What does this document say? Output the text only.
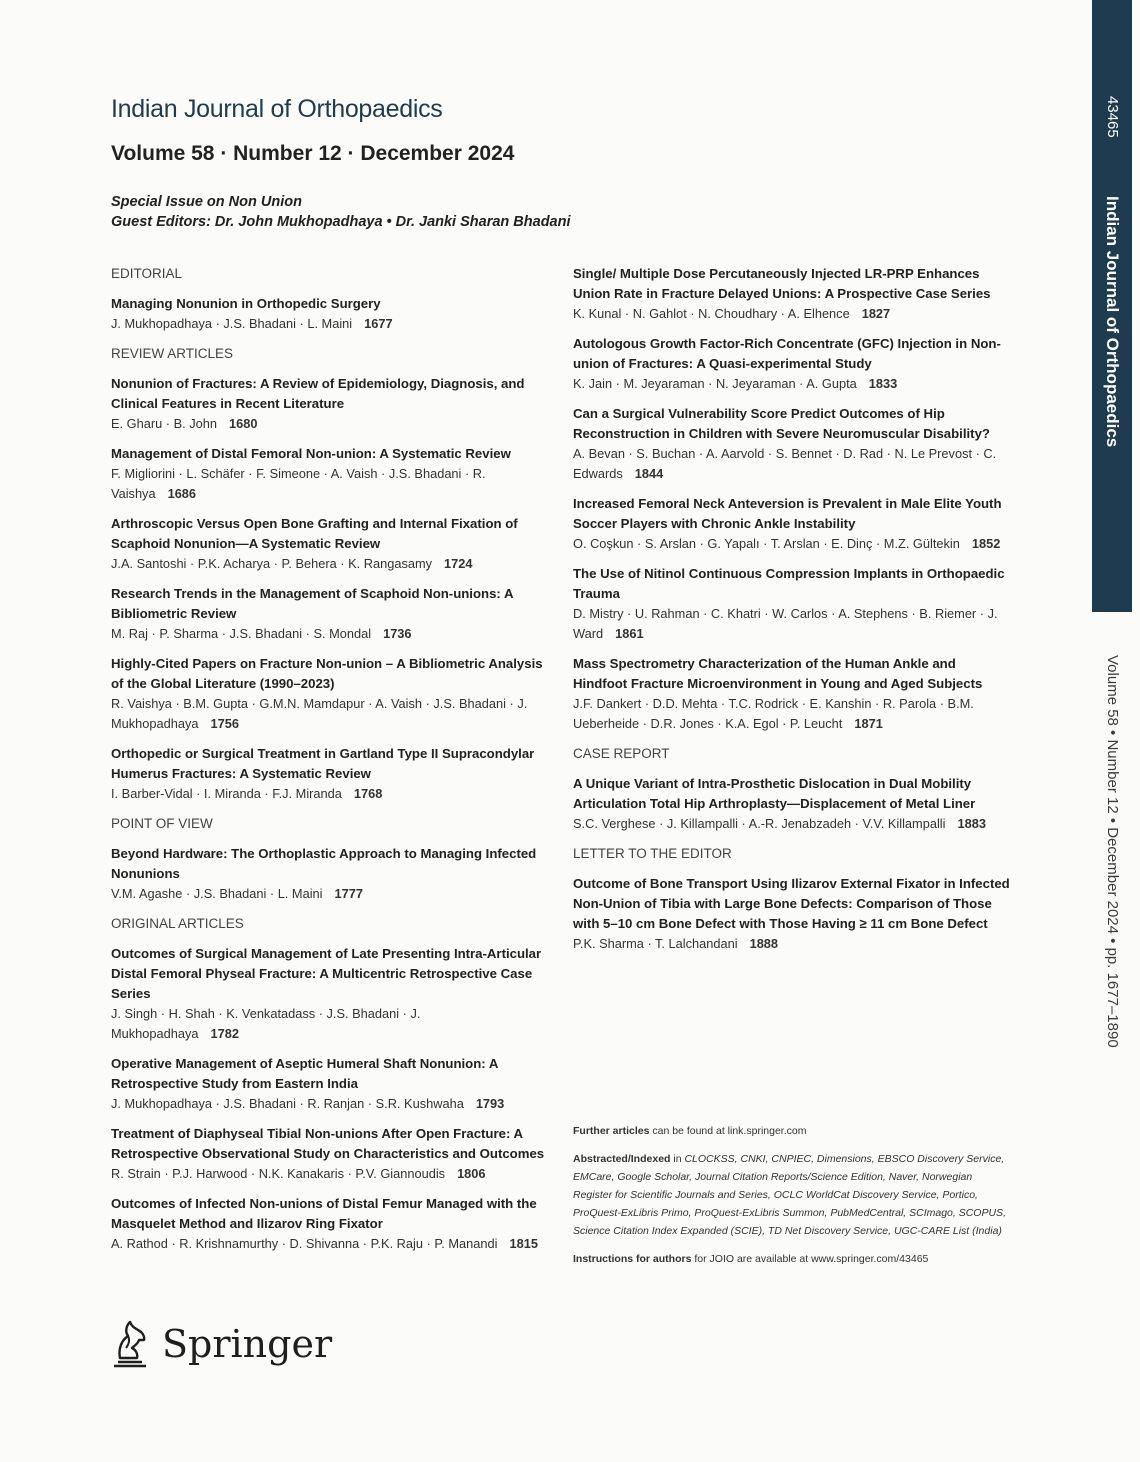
43465
Indian Journal of Orthopaedics
Volume 58 • Number 12 • December 2024 • pp. 1677–1890
Indian Journal of Orthopaedics
Volume 58 · Number 12 · December 2024
Special Issue on Non Union
Guest Editors: Dr. John Mukhopadhaya • Dr. Janki Sharan Bhadani
EDITORIAL
Managing Nonunion in Orthopedic Surgery
J. Mukhopadhaya · J.S. Bhadani · L. Maini 1677
REVIEW ARTICLES
Nonunion of Fractures: A Review of Epidemiology, Diagnosis, and Clinical Features in Recent Literature
E. Gharu · B. John 1680
Management of Distal Femoral Non-union: A Systematic Review
F. Migliorini · L. Schäfer · F. Simeone · A. Vaish · J.S. Bhadani · R. Vaishya 1686
Arthroscopic Versus Open Bone Grafting and Internal Fixation of Scaphoid Nonunion—A Systematic Review
J.A. Santoshi · P.K. Acharya · P. Behera · K. Rangasamy 1724
Research Trends in the Management of Scaphoid Non-unions: A Bibliometric Review
M. Raj · P. Sharma · J.S. Bhadani · S. Mondal 1736
Highly-Cited Papers on Fracture Non-union – A Bibliometric Analysis of the Global Literature (1990–2023)
R. Vaishya · B.M. Gupta · G.M.N. Mamdapur · A. Vaish · J.S. Bhadani · J. Mukhopadhaya 1756
Orthopedic or Surgical Treatment in Gartland Type II Supracondylar Humerus Fractures: A Systematic Review
I. Barber-Vidal · I. Miranda · F.J. Miranda 1768
POINT OF VIEW
Beyond Hardware: The Orthoplastic Approach to Managing Infected Nonunions
V.M. Agashe · J.S. Bhadani · L. Maini 1777
ORIGINAL ARTICLES
Outcomes of Surgical Management of Late Presenting Intra-Articular Distal Femoral Physeal Fracture: A Multicentric Retrospective Case Series
J. Singh · H. Shah · K. Venkatadass · J.S. Bhadani · J. Mukhopadhaya 1782
Operative Management of Aseptic Humeral Shaft Nonunion: A Retrospective Study from Eastern India
J. Mukhopadhaya · J.S. Bhadani · R. Ranjan · S.R. Kushwaha 1793
Treatment of Diaphyseal Tibial Non-unions After Open Fracture: A Retrospective Observational Study on Characteristics and Outcomes
R. Strain · P.J. Harwood · N.K. Kanakaris · P.V. Giannoudis 1806
Outcomes of Infected Non-unions of Distal Femur Managed with the Masquelet Method and Ilizarov Ring Fixator
A. Rathod · R. Krishnamurthy · D. Shivanna · P.K. Raju · P. Manandi 1815
Single/ Multiple Dose Percutaneously Injected LR-PRP Enhances Union Rate in Fracture Delayed Unions: A Prospective Case Series
K. Kunal · N. Gahlot · N. Choudhary · A. Elhence 1827
Autologous Growth Factor-Rich Concentrate (GFC) Injection in Non-union of Fractures: A Quasi-experimental Study
K. Jain · M. Jeyaraman · N. Jeyaraman · A. Gupta 1833
Can a Surgical Vulnerability Score Predict Outcomes of Hip Reconstruction in Children with Severe Neuromuscular Disability?
A. Bevan · S. Buchan · A. Aarvold · S. Bennet · D. Rad · N. Le Prevost · C. Edwards 1844
Increased Femoral Neck Anteversion is Prevalent in Male Elite Youth Soccer Players with Chronic Ankle Instability
O. Coşkun · S. Arslan · G. Yapalı · T. Arslan · E. Dinç · M.Z. Gültekin 1852
The Use of Nitinol Continuous Compression Implants in Orthopaedic Trauma
D. Mistry · U. Rahman · C. Khatri · W. Carlos · A. Stephens · B. Riemer · J. Ward 1861
Mass Spectrometry Characterization of the Human Ankle and Hindfoot Fracture Microenvironment in Young and Aged Subjects
J.F. Dankert · D.D. Mehta · T.C. Rodrick · E. Kanshin · R. Parola · B.M. Ueberheide · D.R. Jones · K.A. Egol · P. Leucht 1871
CASE REPORT
A Unique Variant of Intra-Prosthetic Dislocation in Dual Mobility Articulation Total Hip Arthroplasty—Displacement of Metal Liner
S.C. Verghese · J. Killampalli · A.-R. Jenabzadeh · V.V. Killampalli 1883
LETTER TO THE EDITOR
Outcome of Bone Transport Using Ilizarov External Fixator in Infected Non-Union of Tibia with Large Bone Defects: Comparison of Those with 5–10 cm Bone Defect with Those Having ≥ 11 cm Bone Defect
P.K. Sharma · T. Lalchandani 1888

Further articles can be found at link.springer.com

Abstracted/Indexed in CLOCKSS, CNKI, CNPIEC, Dimensions, EBSCO Discovery Service, EMCare, Google Scholar, Journal Citation Reports/Science Edition, Naver, Norwegian Register for Scientific Journals and Series, OCLC WorldCat Discovery Service, Portico, ProQuest-ExLibris Primo, ProQuest-ExLibris Summon, PubMedCentral, SCImago, SCOPUS, Science Citation Index Expanded (SCIE), TD Net Discovery Service, UGC-CARE List (India)

Instructions for authors for JOIO are available at www.springer.com/43465

Springer
